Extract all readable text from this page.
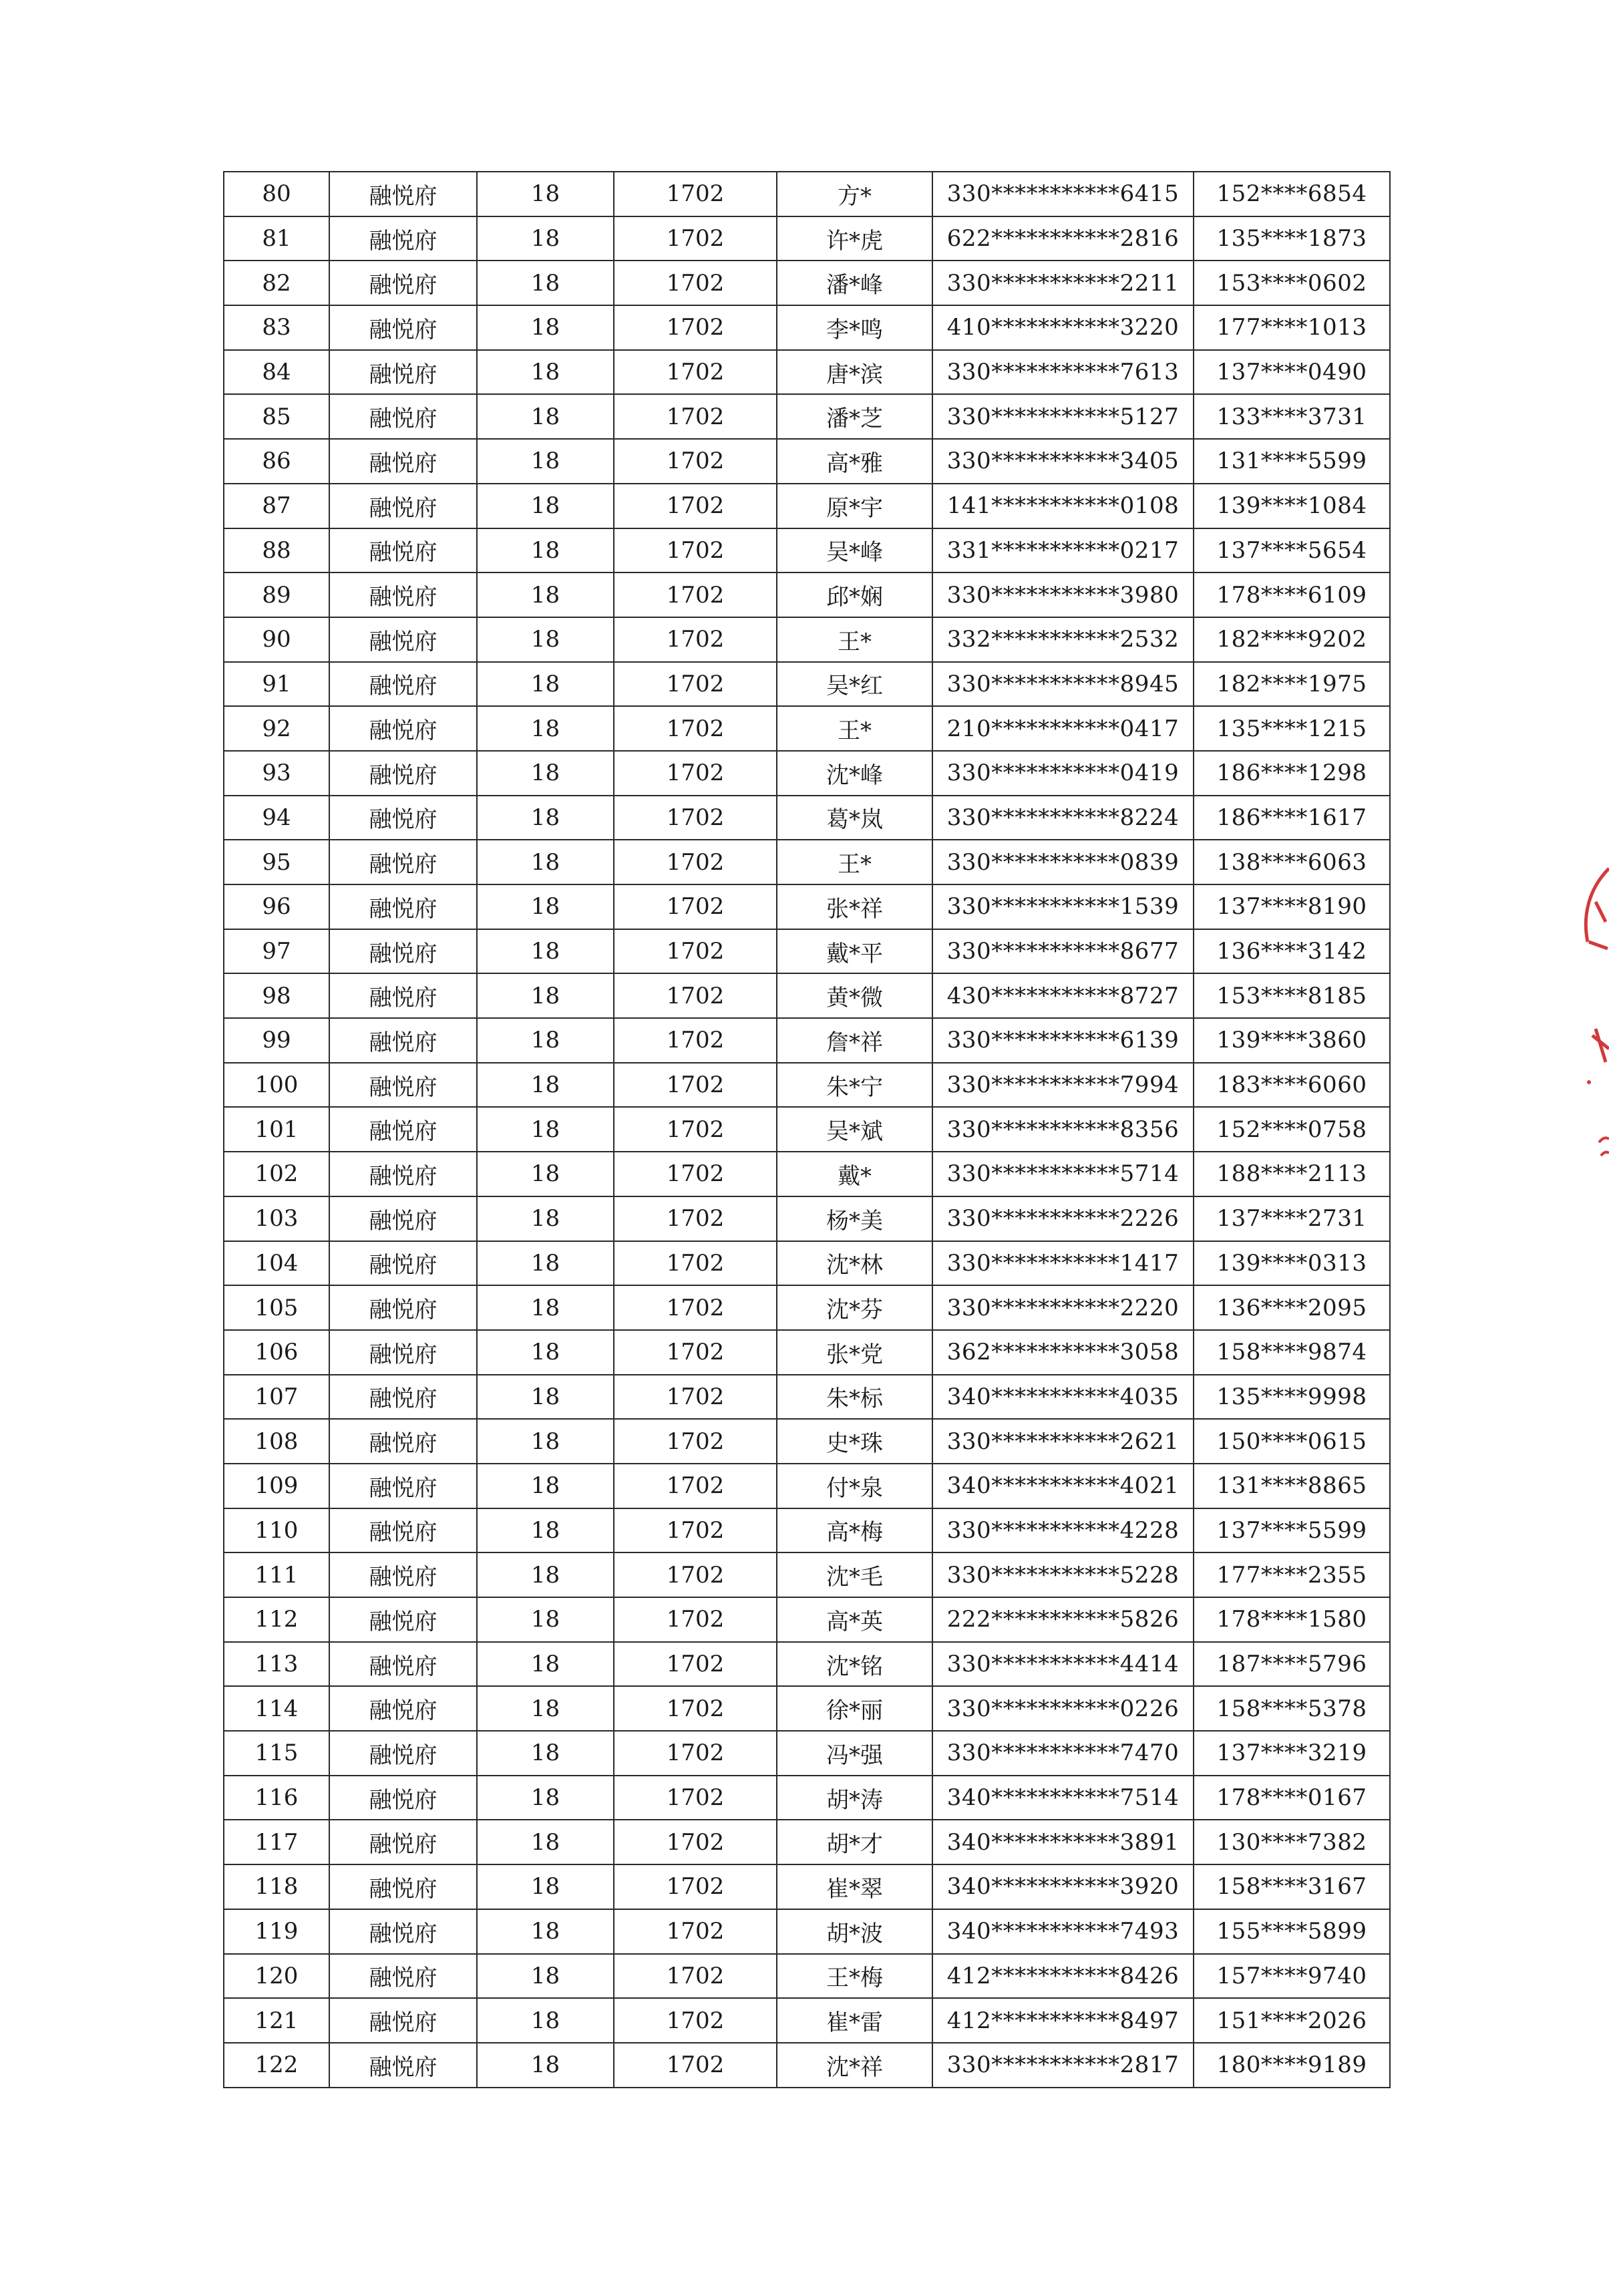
80	融悦府	18	1702	方*	330***********6415	152****6854
81	融悦府	18	1702	许*虎	622***********2816	135****1873
82	融悦府	18	1702	潘*峰	330***********2211	153****0602
83	融悦府	18	1702	李*鸣	410***********3220	177****1013
84	融悦府	18	1702	唐*滨	330***********7613	137****0490
85	融悦府	18	1702	潘*芝	330***********5127	133****3731
86	融悦府	18	1702	高*雅	330***********3405	131****5599
87	融悦府	18	1702	原*宇	141***********0108	139****1084
88	融悦府	18	1702	吴*峰	331***********0217	137****5654
89	融悦府	18	1702	邱*娴	330***********3980	178****6109
90	融悦府	18	1702	王*	332***********2532	182****9202
91	融悦府	18	1702	吴*红	330***********8945	182****1975
92	融悦府	18	1702	王*	210***********0417	135****1215
93	融悦府	18	1702	沈*峰	330***********0419	186****1298
94	融悦府	18	1702	葛*岚	330***********8224	186****1617
95	融悦府	18	1702	王*	330***********0839	138****6063
96	融悦府	18	1702	张*祥	330***********1539	137****8190
97	融悦府	18	1702	戴*平	330***********8677	136****3142
98	融悦府	18	1702	黄*微	430***********8727	153****8185
99	融悦府	18	1702	詹*祥	330***********6139	139****3860
100	融悦府	18	1702	朱*宁	330***********7994	183****6060
101	融悦府	18	1702	吴*斌	330***********8356	152****0758
102	融悦府	18	1702	戴*	330***********5714	188****2113
103	融悦府	18	1702	杨*美	330***********2226	137****2731
104	融悦府	18	1702	沈*林	330***********1417	139****0313
105	融悦府	18	1702	沈*芬	330***********2220	136****2095
106	融悦府	18	1702	张*党	362***********3058	158****9874
107	融悦府	18	1702	朱*标	340***********4035	135****9998
108	融悦府	18	1702	史*珠	330***********2621	150****0615
109	融悦府	18	1702	付*泉	340***********4021	131****8865
110	融悦府	18	1702	高*梅	330***********4228	137****5599
111	融悦府	18	1702	沈*毛	330***********5228	177****2355
112	融悦府	18	1702	高*英	222***********5826	178****1580
113	融悦府	18	1702	沈*铭	330***********4414	187****5796
114	融悦府	18	1702	徐*丽	330***********0226	158****5378
115	融悦府	18	1702	冯*强	330***********7470	137****3219
116	融悦府	18	1702	胡*涛	340***********7514	178****0167
117	融悦府	18	1702	胡*才	340***********3891	130****7382
118	融悦府	18	1702	崔*翠	340***********3920	158****3167
119	融悦府	18	1702	胡*波	340***********7493	155****5899
120	融悦府	18	1702	王*梅	412***********8426	157****9740
121	融悦府	18	1702	崔*雷	412***********8497	151****2026
122	融悦府	18	1702	沈*祥	330***********2817	180****9189
